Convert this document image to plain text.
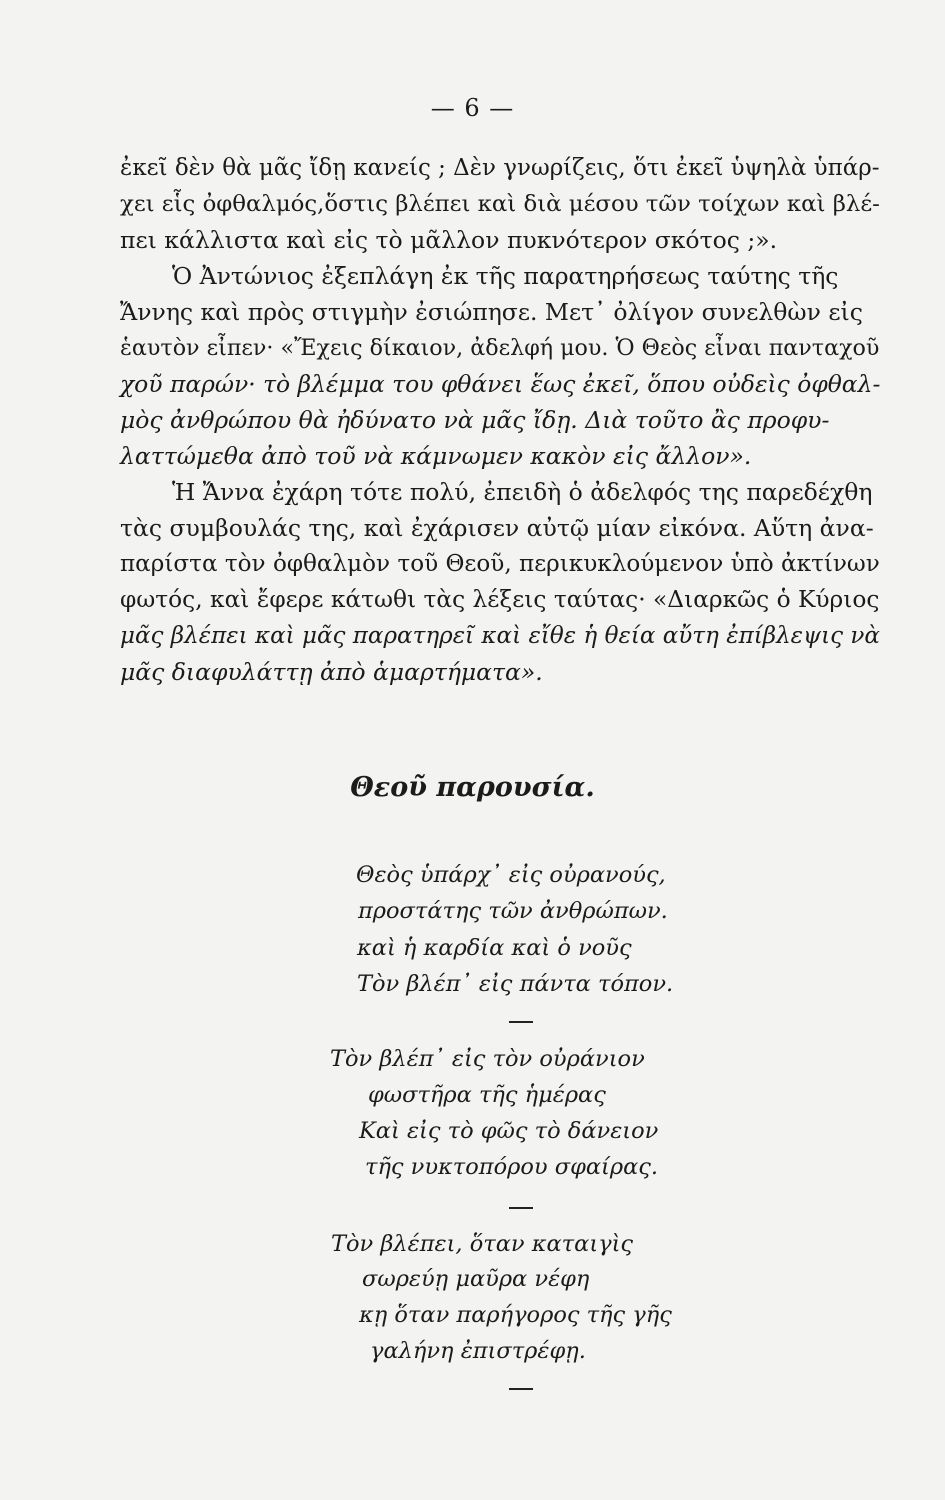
— 6 —
ἐκεῖ δὲν θὰ μᾶς ἴδῃ κανείς ; Δὲν γνωρίζεις, ὅτι ἐκεῖ ὑψηλὰ ὑπάρ-
χει εἷς ὀφθαλμός,ὅστις βλέπει καὶ διὰ μέσου τῶν τοίχων καὶ βλέ-
πει κάλλιστα καὶ εἰς τὸ μᾶλλον πυκνότερον σκότος ;».
Ὁ Ἀντώνιος ἐξεπλάγη ἐκ τῆς παρατηρήσεως ταύτης τῆς
Ἄννης καὶ πρὸς στιγμὴν ἐσιώπησε. Μετ᾽ ὀλίγον συνελθὼν εἰς
ἑαυτὸν εἶπεν· «Ἔχεις δίκαιον, ἀδελφή μου. Ὁ Θεὸς εἶναι πανταχοῦ
χοῦ παρών· τὸ βλέμμα του φθάνει ἕως ἐκεῖ, ὅπου οὐδεὶς ὀφθαλ-
μὸς ἀνθρώπου θὰ ἠδύνατο νὰ μᾶς ἴδῃ. Διὰ τοῦτο ἂς προφυ-
λαττώμεθα ἀπὸ τοῦ νὰ κάμνωμεν κακὸν εἰς ἄλλον».
Ἡ Ἄννα ἐχάρη τότε πολύ, ἐπειδὴ ὁ ἀδελφός της παρεδέχθη
τὰς συμβουλάς της, καὶ ἐχάρισεν αὐτῷ μίαν εἰκόνα. Αὕτη ἀνα-
παρίστα τὸν ὀφθαλμὸν τοῦ Θεοῦ, περικυκλούμενον ὑπὸ ἀκτίνων
φωτός, καὶ ἔφερε κάτωθι τὰς λέξεις ταύτας· «Διαρκῶς ὁ Κύριος
μᾶς βλέπει καὶ μᾶς παρατηρεῖ καὶ εἴθε ἡ θεία αὔτη ἐπίβλεψις νὰ
μᾶς διαφυλάττῃ ἀπὸ ἁμαρτήματα».
Θεοῦ παρουσία.
Θεὸς ὑπάρχ᾽ εἰς οὐρανούς,
προστάτης τῶν ἀνθρώπων.
καὶ ἡ καρδία καὶ ὁ νοῦς
Τὸν βλέπ᾽ εἰς πάντα τόπον.
Τὸν βλέπ᾽ εἰς τὸν οὐράνιον
φωστῆρα τῆς ἡμέρας
Καὶ εἰς τὸ φῶς τὸ δάνειον
τῆς νυκτοπόρου σφαίρας.
Τὸν βλέπει, ὅταν καταιγὶς
σωρεύῃ μαῦρα νέφη
κῃ ὅταν παρήγορος τῆς γῆς
γαλήνη ἐπιστρέφῃ.
